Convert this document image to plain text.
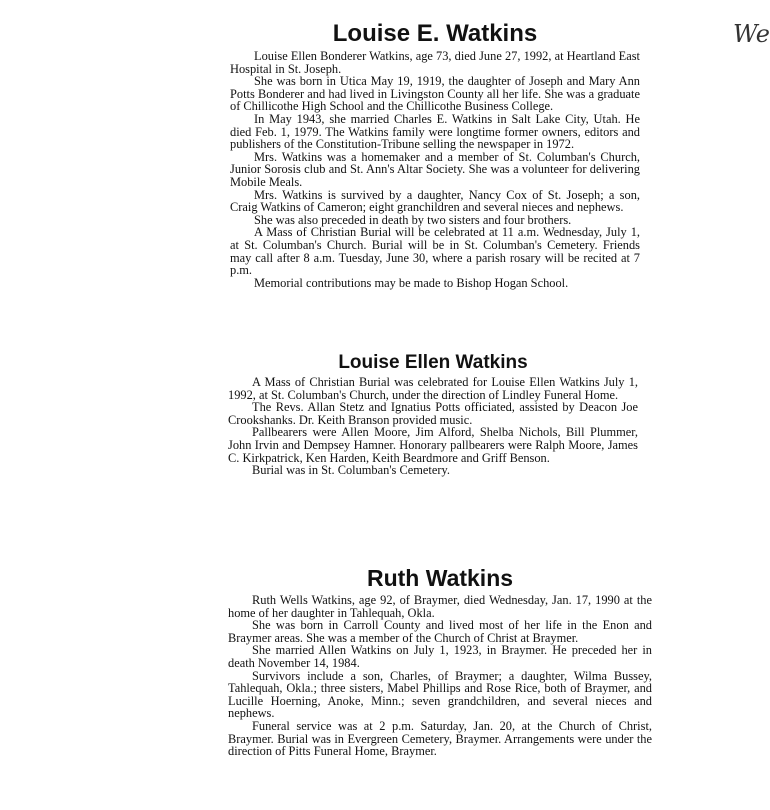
We
Louise E. Watkins

Louise Ellen Bonderer Watkins, age 73, died June 27, 1992, at Heartland East Hospital in St. Joseph.

She was born in Utica May 19, 1919, the daughter of Joseph and Mary Ann Potts Bonderer and had lived in Livingston County all her life. She was a graduate of Chillicothe High School and the Chillicothe Business College.

In May 1943, she married Charles E. Watkins in Salt Lake City, Utah. He died Feb. 1, 1979. The Watkins family were longtime former owners, editors and publishers of the Constitution-Tribune selling the newspaper in 1972.

Mrs. Watkins was a homemaker and a member of St. Columban's Church, Junior Sorosis club and St. Ann's Altar Society. She was a volunteer for delivering Mobile Meals.

Mrs. Watkins is survived by a daughter, Nancy Cox of St. Joseph; a son, Craig Watkins of Cameron; eight granchildren and several nieces and nephews.

She was also preceded in death by two sisters and four brothers.

A Mass of Christian Burial will be celebrated at 11 a.m. Wednesday, July 1, at St. Columban's Church. Burial will be in St. Columban's Cemetery. Friends may call after 8 a.m. Tuesday, June 30, where a parish rosary will be recited at 7 p.m.

Memorial contributions may be made to Bishop Hogan School.

Louise Ellen Watkins

A Mass of Christian Burial was celebrated for Louise Ellen Watkins July 1, 1992, at St. Columban's Church, under the direction of Lindley Funeral Home.

The Revs. Allan Stetz and Ignatius Potts officiated, assisted by Deacon Joe Crookshanks. Dr. Keith Branson provided music.

Pallbearers were Allen Moore, Jim Alford, Shelba Nichols, Bill Plummer, John Irvin and Dempsey Hamner. Honorary pallbearers were Ralph Moore, James C. Kirkpatrick, Ken Harden, Keith Beardmore and Griff Benson.

Burial was in St. Columban's Cemetery.

Ruth Watkins

Ruth Wells Watkins, age 92, of Braymer, died Wednesday, Jan. 17, 1990 at the home of her daughter in Tahlequah, Okla.

She was born in Carroll County and lived most of her life in the Enon and Braymer areas. She was a member of the Church of Christ at Braymer.

She married Allen Watkins on July 1, 1923, in Braymer. He preceded her in death November 14, 1984.

Survivors include a son, Charles, of Braymer; a daughter, Wilma Bussey, Tahlequah, Okla.; three sisters, Mabel Phillips and Rose Rice, both of Braymer, and Lucille Hoerning, Anoke, Minn.; seven grandchildren, and several nieces and nephews.

Funeral service was at 2 p.m. Saturday, Jan. 20, at the Church of Christ, Braymer. Burial was in Evergreen Cemetery, Braymer. Arrangements were under the direction of Pitts Funeral Home, Braymer.
